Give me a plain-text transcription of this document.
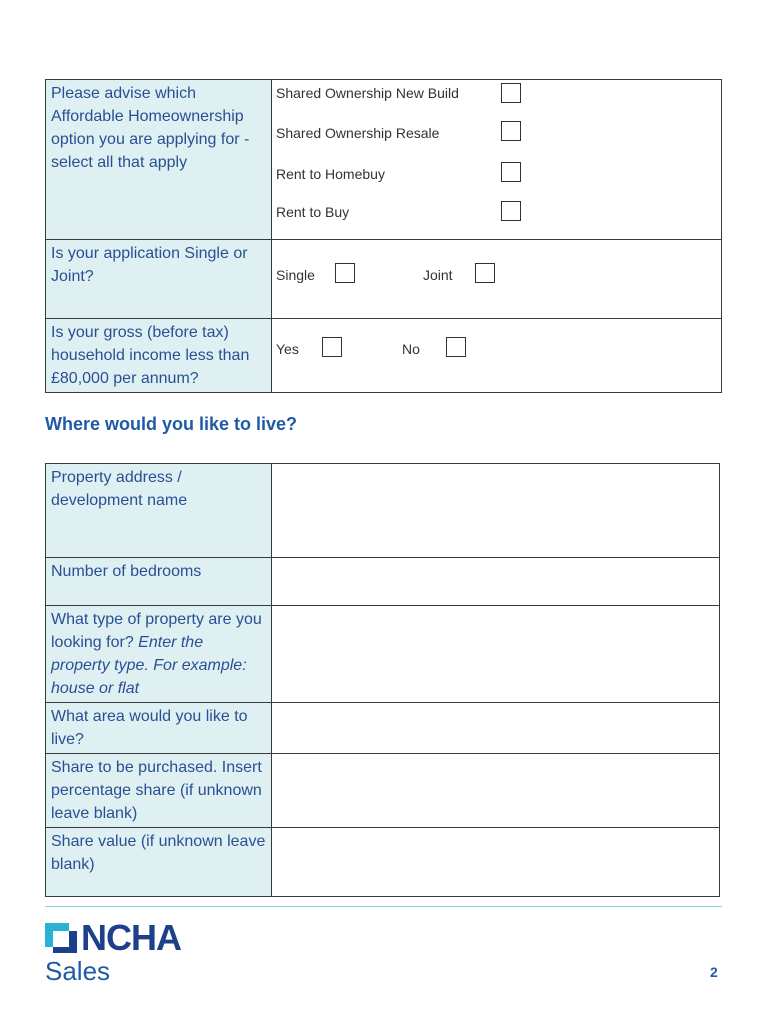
Please advise which Affordable Homeownership option you are applying for - select all that apply	Shared Ownership New Build
Shared Ownership Resale
Rent to Homebuy
Rent to Buy

Is your application Single or Joint?	Single Joint

Is your gross (before tax) household income less than £80,000 per annum?	Yes No
Where would you like to live?
Property address / development name	
Number of bedrooms	
What type of property are you looking for? Enter the property type. For example: house or flat	
What area would you like to live?	
Share to be purchased. Insert percentage share (if unknown leave blank)	
Share value (if unknown leave blank)	
NCHA
Sales	2
